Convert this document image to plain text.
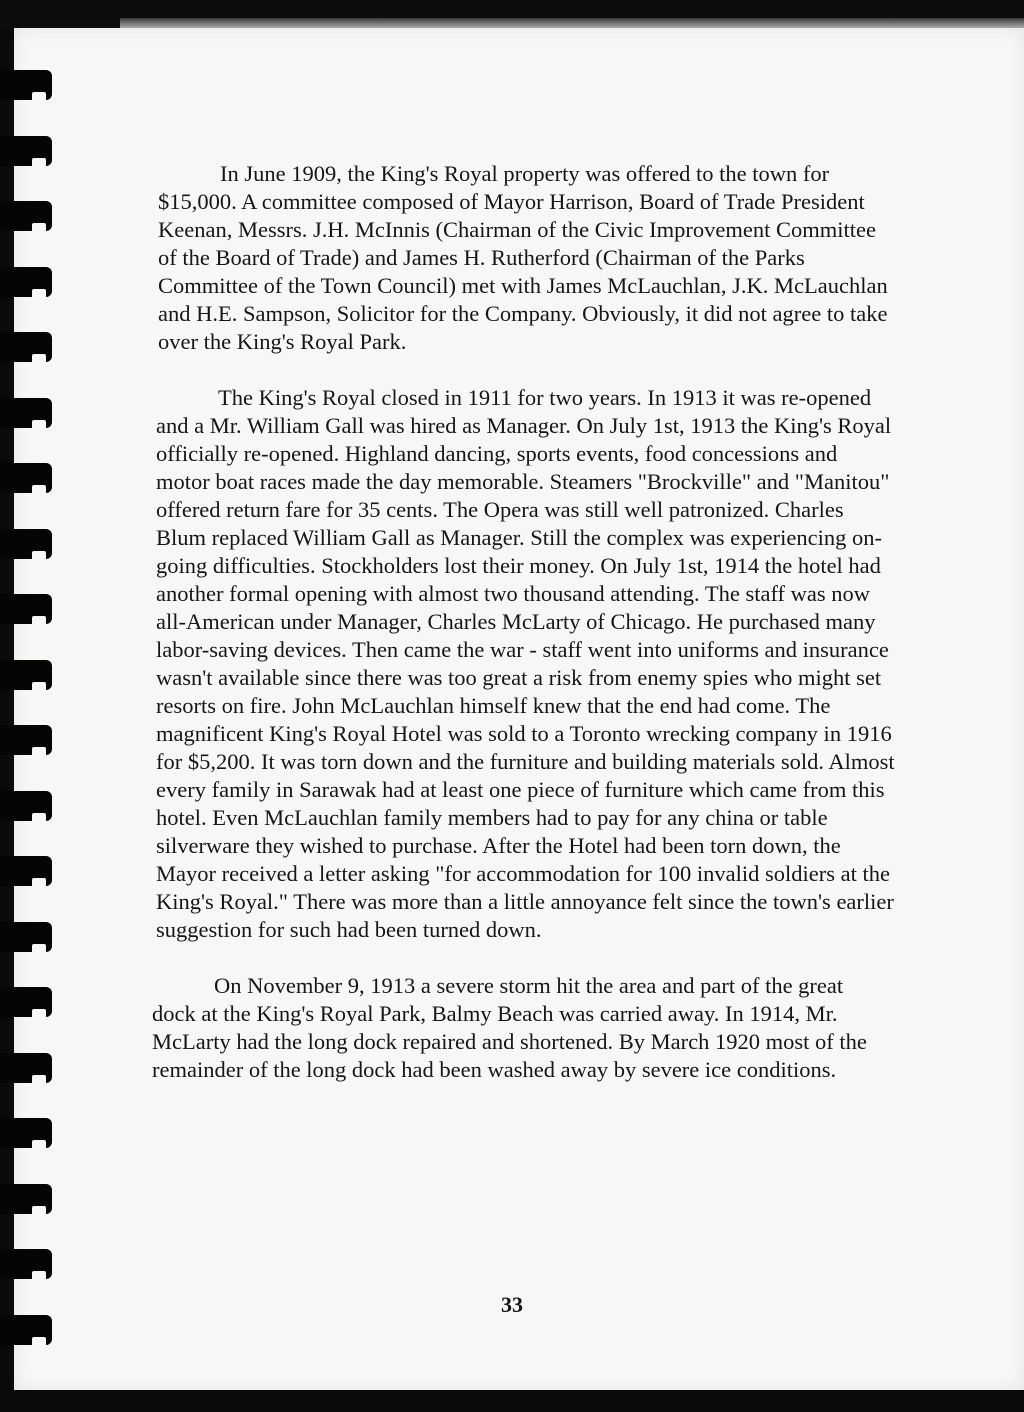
In June 1909, the King's Royal property was offered to the town for $15,000. A committee composed of Mayor Harrison, Board of Trade President Keenan, Messrs. J.H. McInnis (Chairman of the Civic Improvement Committee of the Board of Trade) and James H. Rutherford (Chairman of the Parks Committee of the Town Council) met with James McLauchlan, J.K. McLauchlan and H.E. Sampson, Solicitor for the Company. Obviously, it did not agree to take over the King's Royal Park.

The King's Royal closed in 1911 for two years. In 1913 it was re-opened and a Mr. William Gall was hired as Manager. On July 1st, 1913 the King's Royal officially re-opened. Highland dancing, sports events, food concessions and motor boat races made the day memorable. Steamers "Brockville" and "Manitou" offered return fare for 35 cents. The Opera was still well patronized. Charles Blum replaced William Gall as Manager. Still the complex was experiencing on-going difficulties. Stockholders lost their money. On July 1st, 1914 the hotel had another formal opening with almost two thousand attending. The staff was now all-American under Manager, Charles McLarty of Chicago. He purchased many labor-saving devices. Then came the war - staff went into uniforms and insurance wasn't available since there was too great a risk from enemy spies who might set resorts on fire. John McLauchlan himself knew that the end had come. The magnificent King's Royal Hotel was sold to a Toronto wrecking company in 1916 for $5,200. It was torn down and the furniture and building materials sold. Almost every family in Sarawak had at least one piece of furniture which came from this hotel. Even McLauchlan family members had to pay for any china or table silverware they wished to purchase. After the Hotel had been torn down, the Mayor received a letter asking "for accommodation for 100 invalid soldiers at the King's Royal." There was more than a little annoyance felt since the town's earlier suggestion for such had been turned down.

On November 9, 1913 a severe storm hit the area and part of the great dock at the King's Royal Park, Balmy Beach was carried away. In 1914, Mr. McLarty had the long dock repaired and shortened. By March 1920 most of the remainder of the long dock had been washed away by severe ice conditions.

33
